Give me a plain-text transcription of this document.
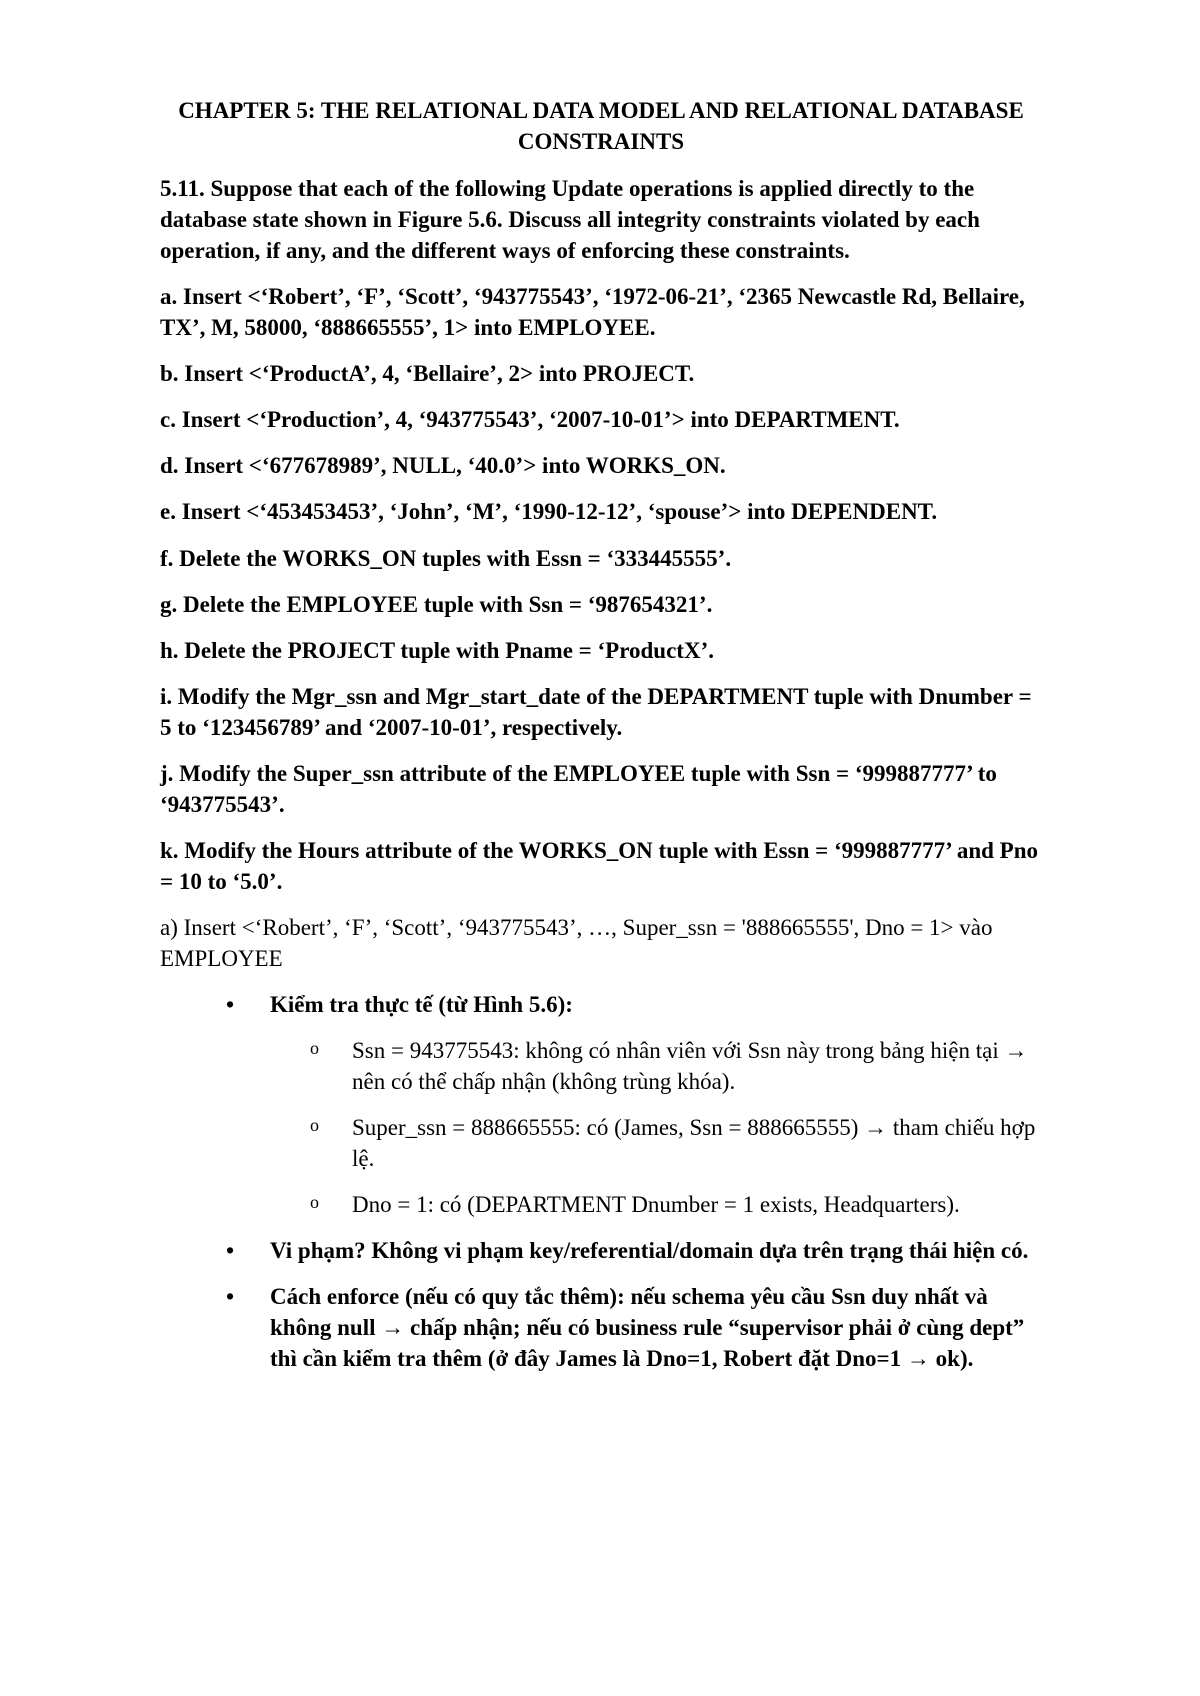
CHAPTER 5: THE RELATIONAL DATA MODEL AND RELATIONAL DATABASE CONSTRAINTS

5.11. Suppose that each of the following Update operations is applied directly to the database state shown in Figure 5.6. Discuss all integrity constraints violated by each operation, if any, and the different ways of enforcing these constraints.

a. Insert <‘Robert’, ‘F’, ‘Scott’, ‘943775543’, ‘1972-06-21’, ‘2365 Newcastle Rd, Bellaire, TX’, M, 58000, ‘888665555’, 1> into EMPLOYEE.

b. Insert <‘ProductA’, 4, ‘Bellaire’, 2> into PROJECT.

c. Insert <‘Production’, 4, ‘943775543’, ‘2007-10-01’> into DEPARTMENT.

d. Insert <‘677678989’, NULL, ‘40.0’> into WORKS_ON.

e. Insert <‘453453453’, ‘John’, ‘M’, ‘1990-12-12’, ‘spouse’> into DEPENDENT.

f. Delete the WORKS_ON tuples with Essn = ‘333445555’.

g. Delete the EMPLOYEE tuple with Ssn = ‘987654321’.

h. Delete the PROJECT tuple with Pname = ‘ProductX’.

i. Modify the Mgr_ssn and Mgr_start_date of the DEPARTMENT tuple with Dnumber = 5 to ‘123456789’ and ‘2007-10-01’, respectively.

j. Modify the Super_ssn attribute of the EMPLOYEE tuple with Ssn = ‘999887777’ to ‘943775543’.

k. Modify the Hours attribute of the WORKS_ON tuple with Essn = ‘999887777’ and Pno = 10 to ‘5.0’.

a) Insert <‘Robert’, ‘F’, ‘Scott’, ‘943775543’, …, Super_ssn = '888665555', Dno = 1> vào EMPLOYEE

• Kiểm tra thực tế (từ Hình 5.6):
o Ssn = 943775543: không có nhân viên với Ssn này trong bảng hiện tại → nên có thể chấp nhận (không trùng khóa).
o Super_ssn = 888665555: có (James, Ssn = 888665555) → tham chiếu hợp lệ.
o Dno = 1: có (DEPARTMENT Dnumber = 1 exists, Headquarters).
• Vi phạm? Không vi phạm key/referential/domain dựa trên trạng thái hiện có.
• Cách enforce (nếu có quy tắc thêm): nếu schema yêu cầu Ssn duy nhất và không null → chấp nhận; nếu có business rule “supervisor phải ở cùng dept” thì cần kiểm tra thêm (ở đây James là Dno=1, Robert đặt Dno=1 → ok).
